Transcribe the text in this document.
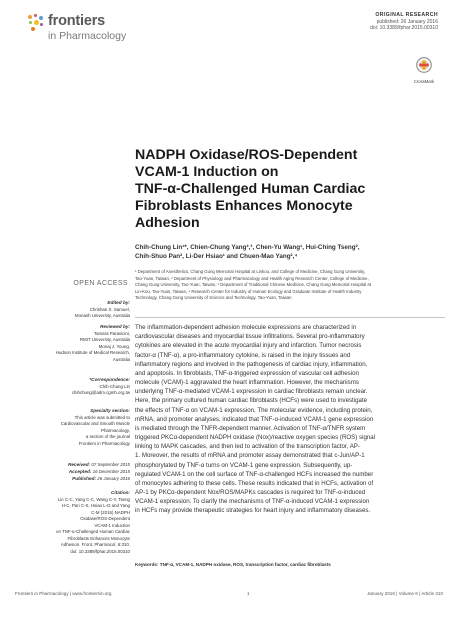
frontiers
in Pharmacology
ORIGINAL RESEARCH
published: 26 January 2016
doi: 10.3389/fphar.2015.00310
CrossMark
NADPH Oxidase/ROS-Dependent
VCAM-1 Induction on
TNF-α-Challenged Human Cardiac
Fibroblasts Enhances Monocyte
Adhesion
Chih-Chung Lin¹*, Chien-Chung Yang²,³, Chen-Yu Wang¹, Hui-Ching Tseng²,
Chih-Shuo Pan², Li-Der Hsiao¹ and Chuen-Mao Yang²,⁴
¹ Department of Anesthetics, Chang Gung Memorial Hospital at Linkou, and College of Medicine, Chang Gung University,
Tao-Yuan, Taiwan, ² Department of Physiology and Pharmacology and Health Aging Research Center, College of Medicine,
Chang Gung University, Tao-Yuan, Taiwan, ³ Department of Traditional Chinese Medicine, Chang Gung Memorial Hospital at
Lin-Kou, Tao-Yuan, Taiwan, ⁴ Research Center for Industry of Human Ecology and Graduate Institute of Health Industry
Technology, Chang Gung University of Science and Technology, Tao-Yuan, Taiwan
OPEN ACCESS
Edited by:
Chrishan S. Samuel,
Monash University, Australia
Reviewed by:
Tamara Paravicini,
RMIT University, Australia
Monaj J. Young,
Hudson Institute of Medical Research,
Australia
*Correspondence:
Chih-Chung Lin
chihchung@adm.cgmh.org.tw
Specialty section:
This article was submitted to
Cardiovascular and Smooth Muscle
Pharmacology,
a section of the journal
Frontiers in Pharmacology
Received: 07 September 2015
Accepted: 16 December 2015
Published: 26 January 2016
Citation:
Lin C-C, Yang C-C, Wang C-Y, Tseng
H-C, Pan C-S, Hsiao L-D and Yang
C-M (2016) NADPH
Oxidase/ROS-Dependent
VCAM-1 Induction
on TNF-α-Challenged Human Cardiac
Fibroblasts Enhances Monocyte
Adhesion. Front. Pharmacol. 6:310.
doi: 10.3389/fphar.2015.00310
The inflammation-dependent adhesion molecule expressions are characterized in
cardiovascular diseases and myocardial tissue infiltrations. Several pro-inflammatory
cytokines are elevated in the acute myocardial injury and infarction. Tumor necrosis
factor-α (TNF-α), a pro-inflammatory cytokine, is raised in the injury tissues and
inflammatory regions and involved in the pathogenesis of cardiac injury, inflammation,
and apoptosis. In fibroblasts, TNF-α-triggered expression of vascular cell adhesion
molecule (VCAM)-1 aggravated the heart inflammation. However, the mechanisms
underlying TNF-α-mediated VCAM-1 expression in cardiac fibroblasts remain unclear.
Here, the primary cultured human cardiac fibroblasts (HCFs) were used to investigate
the effects of TNF-α on VCAM-1 expression. The molecular evidence, including protein,
mRNA, and promoter analyses, indicated that TNF-α-induced VCAM-1 gene expression
is mediated through the TNFR-dependent manner. Activation of TNF-α/TNFR system
triggered PKCα-dependent NADPH oxidase (Nox)/reactive oxygen species (ROS) signal
linking to MAPK cascades, and then led to activation of the transcription factor, AP-
1. Moreover, the results of mRNA and promoter assay demonstrated that c-Jun/AP-1
phosphorylated by TNF-α turns on VCAM-1 gene expression. Subsequently, up-
regulated VCAM-1 on the cell surface of TNF-α-challenged HCFs increased the number
of monocytes adhering to these cells. These results indicated that in HCFs, activation of
AP-1 by PKCα-dependent Nox/ROS/MAPKs cascades is required for TNF-α-induced
VCAM-1 expression. To clarify the mechanisms of TNF-α-induced VCAM-1 expression
in HCFs may provide therapeutic strategies for heart injury and inflammatory diseases.
Keywords: TNF-α, VCAM-1, NADPH oxidase, ROS, transcription factor, cardiac fibroblasts
Frontiers in Pharmacology | www.frontiersin.org	1	January 2016 | Volume 6 | Article 310
